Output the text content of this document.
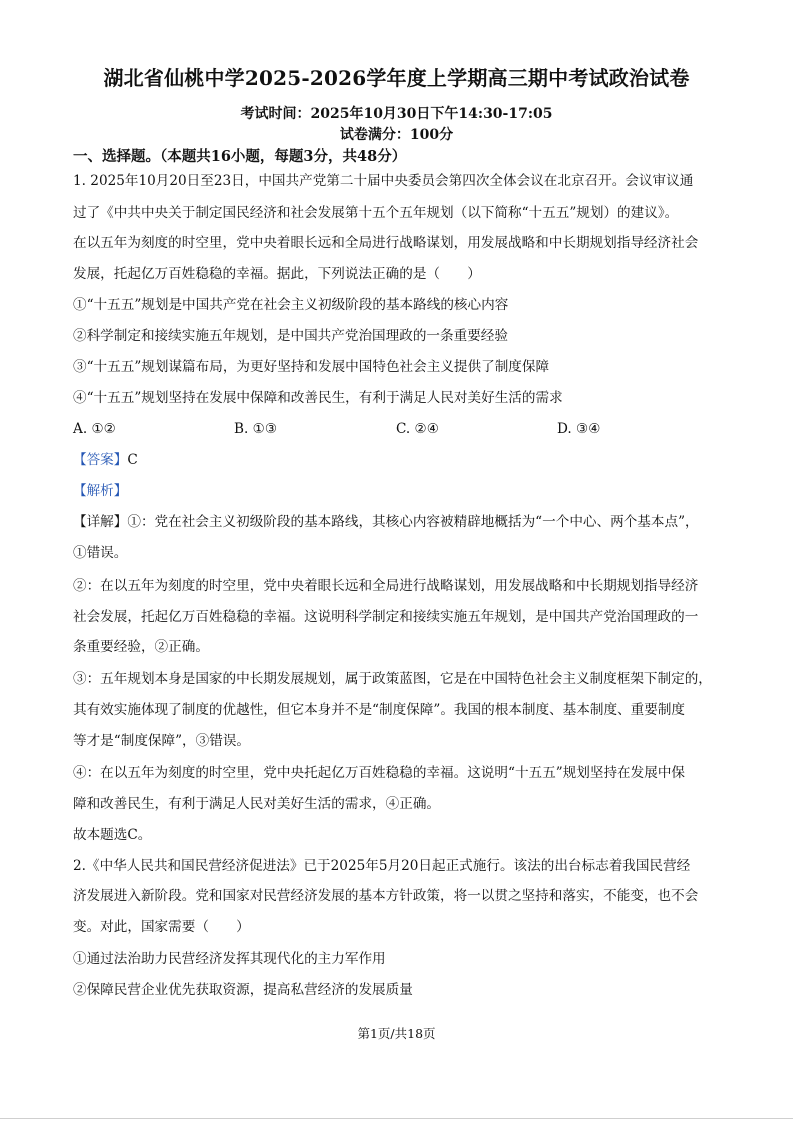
湖北省仙桃中学2025-2026学年度上学期高三期中考试政治试卷
考试时间：2025年10月30日下午14:30-17:05
试卷满分：100分
一、选择题。（本题共16小题，每题3分，共48分）
1. 2025年10月20日至23日，中国共产党第二十届中央委员会第四次全体会议在北京召开。会议审议通
过了《中共中央关于制定国民经济和社会发展第十五个五年规划（以下简称“十五五”规划）的建议》。
在以五年为刻度的时空里，党中央着眼长远和全局进行战略谋划，用发展战略和中长期规划指导经济社会
发展，托起亿万百姓稳稳的幸福。据此，下列说法正确的是（　　）
①“十五五”规划是中国共产党在社会主义初级阶段的基本路线的核心内容
②科学制定和接续实施五年规划，是中国共产党治国理政的一条重要经验
③“十五五”规划谋篇布局，为更好坚持和发展中国特色社会主义提供了制度保障
④“十五五”规划坚持在发展中保障和改善民生，有利于满足人民对美好生活的需求
A. ①②	B. ①③	C. ②④	D. ③④
【答案】C
【解析】
【详解】①：党在社会主义初级阶段的基本路线，其核心内容被精辟地概括为“一个中心、两个基本点”，
①错误。
②：在以五年为刻度的时空里，党中央着眼长远和全局进行战略谋划，用发展战略和中长期规划指导经济
社会发展，托起亿万百姓稳稳的幸福。这说明科学制定和接续实施五年规划，是中国共产党治国理政的一
条重要经验，②正确。
③：五年规划本身是国家的中长期发展规划，属于政策蓝图，它是在中国特色社会主义制度框架下制定的，
其有效实施体现了制度的优越性，但它本身并不是“制度保障”。我国的根本制度、基本制度、重要制度
等才是“制度保障”，③错误。
④：在以五年为刻度的时空里，党中央托起亿万百姓稳稳的幸福。这说明“十五五”规划坚持在发展中保
障和改善民生，有利于满足人民对美好生活的需求，④正确。
故本题选C。
2.《中华人民共和国民营经济促进法》已于2025年5月20日起正式施行。该法的出台标志着我国民营经
济发展进入新阶段。党和国家对民营经济发展的基本方针政策，将一以贯之坚持和落实，不能变，也不会
变。对此，国家需要（　　）
①通过法治助力民营经济发挥其现代化的主力军作用
②保障民营企业优先获取资源，提高私营经济的发展质量
第1页/共18页
